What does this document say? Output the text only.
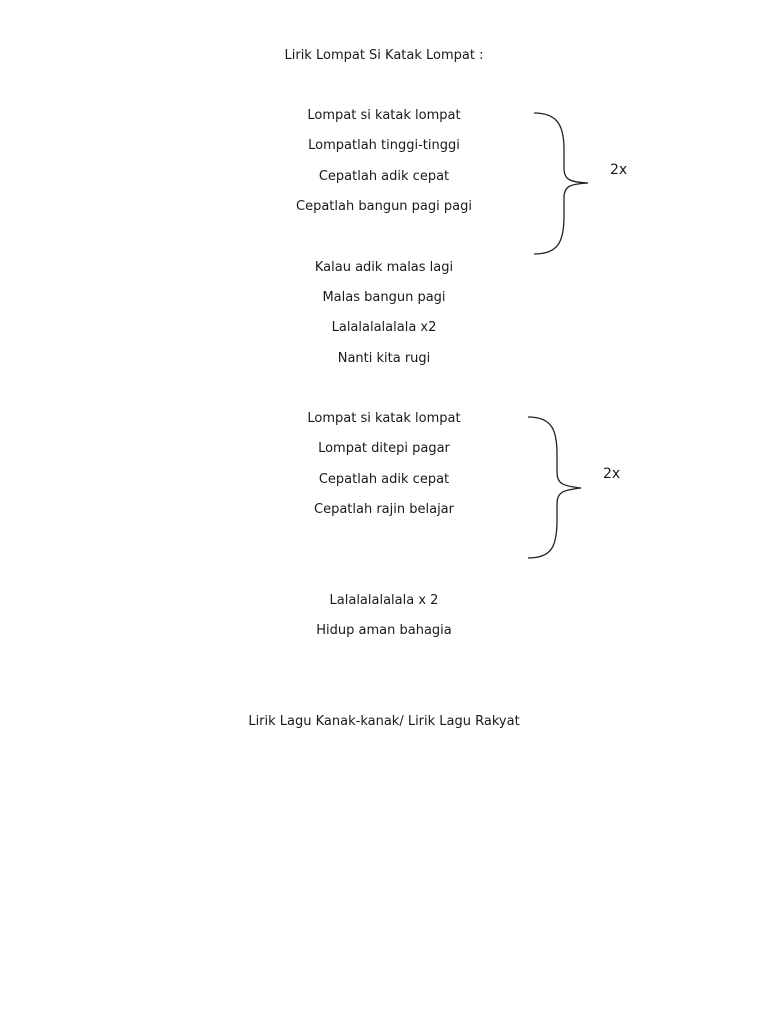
Lirik Lompat Si Katak Lompat :
Lompat si katak lompat
Lompatlah tinggi-tinggi
Cepatlah adik cepat
Cepatlah bangun pagi pagi
2x
Kalau adik malas lagi
Malas bangun pagi
Lalalalalalala x2
Nanti kita rugi
Lompat si katak lompat
Lompat ditepi pagar
Cepatlah adik cepat
Cepatlah rajin belajar
2x
Lalalalalalala x 2
Hidup aman bahagia
Lirik Lagu Kanak-kanak/ Lirik Lagu Rakyat
